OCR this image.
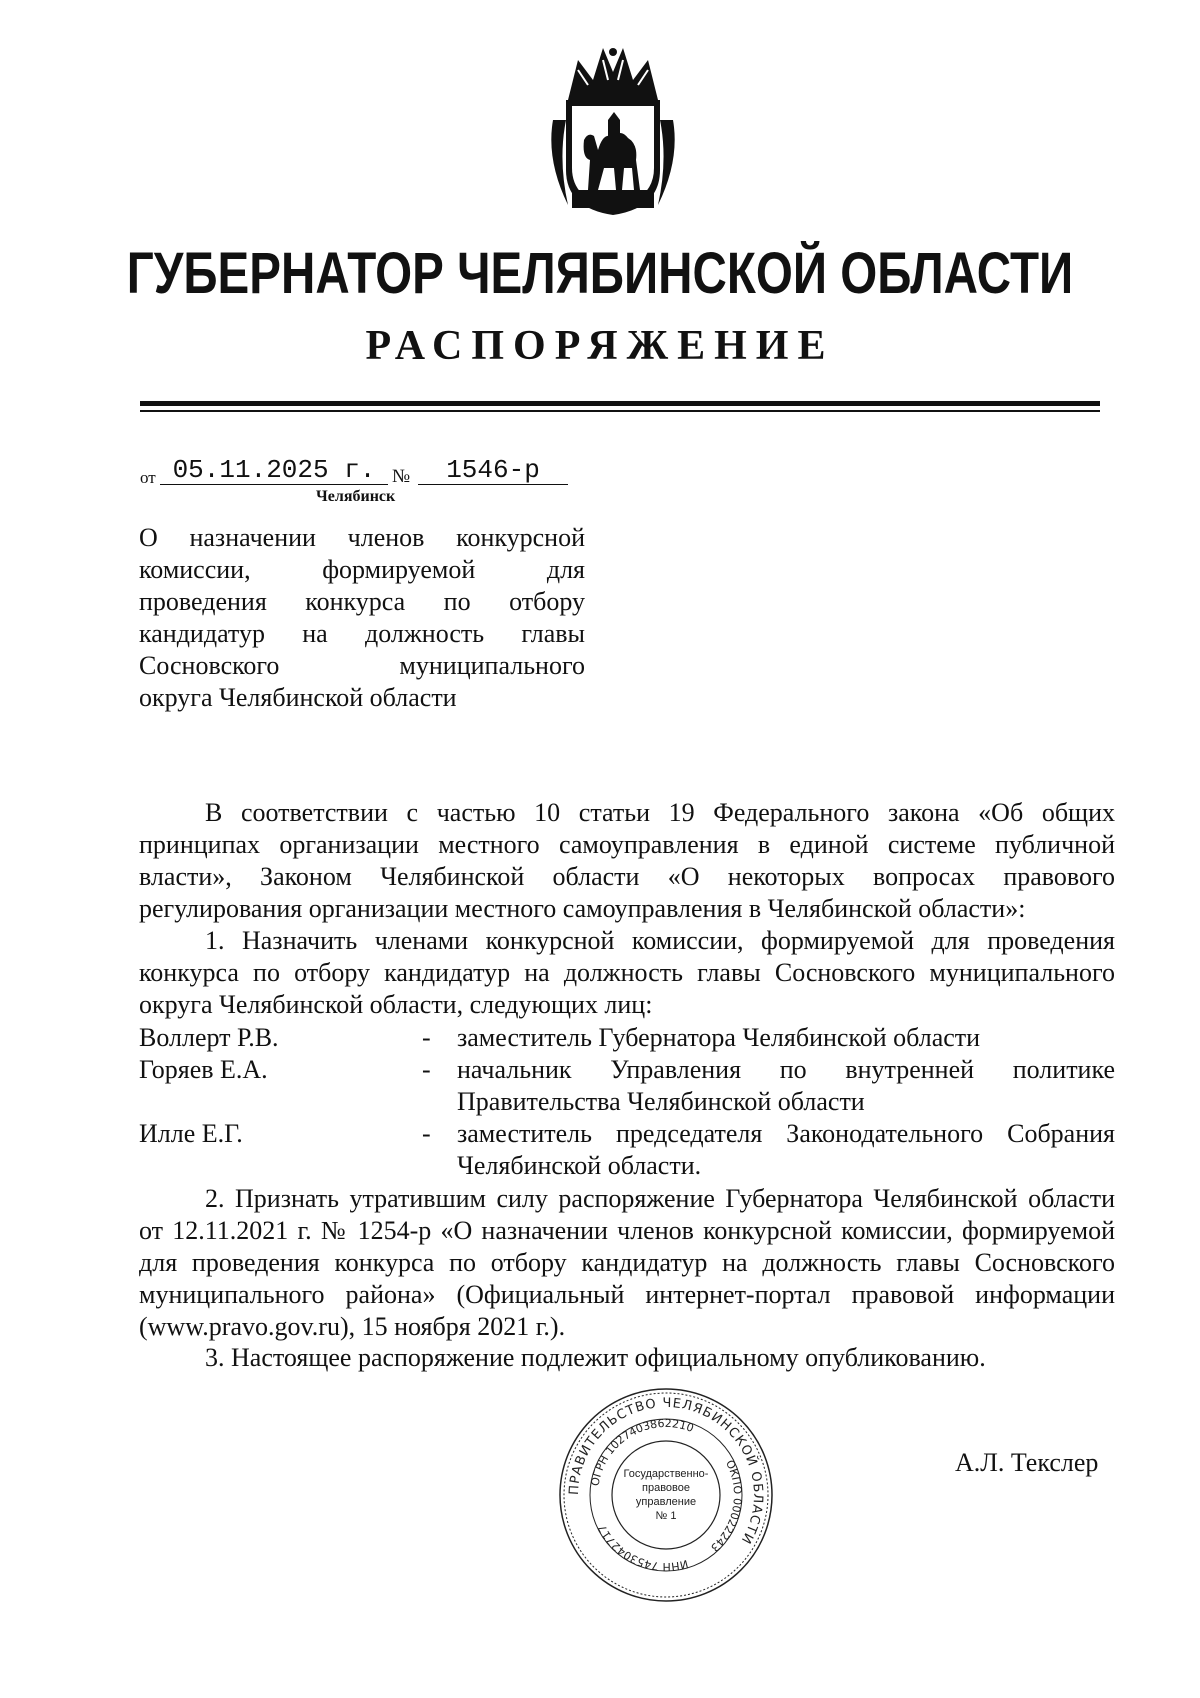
ГУБЕРНАТОР ЧЕЛЯБИНСКОЙ ОБЛАСТИ
РАСПОРЯЖЕНИЕ
от 05.11.2025 г. №	1546-р
Челябинск
О назначении членов конкурсной
комиссии, формируемой для
проведения конкурса по отбору
кандидатур на должность главы
Сосновского муниципального
округа Челябинской области
В соответствии с частью 10 статьи 19 Федерального закона «Об общих принципах организации местного самоуправления в единой системе публичной власти», Законом Челябинской области «О некоторых вопросах правового регулирования организации местного самоуправления в Челябинской области»:
1. Назначить членами конкурсной комиссии, формируемой для проведения конкурса по отбору кандидатур на должность главы Сосновского муниципального округа Челябинской области, следующих лиц:
Воллерт Р.В.	- заместитель Губернатора Челябинской области
Горяев Е.А.	- начальник Управления по внутренней политике Правительства Челябинской области
Илле Е.Г.	- заместитель председателя Законодательного Собрания Челябинской области.
2. Признать утратившим силу распоряжение Губернатора Челябинской области от 12.11.2021 г. № 1254-р «О назначении членов конкурсной комиссии, формируемой для проведения конкурса по отбору кандидатур на должность главы Сосновского муниципального района» (Официальный интернет-портал правовой информации (www.pravo.gov.ru), 15 ноября 2021 г.).
3. Настоящее распоряжение подлежит официальному опубликованию.
ПРАВИТЕЛЬСТВО ЧЕЛЯБИНСКОЙ ОБЛАСТИ
ОГРН 1027403862210
ОКПО 00022243
ИНН 7453042717
Государственно-
правовое
управление
№ 1
А.Л. Текслер
